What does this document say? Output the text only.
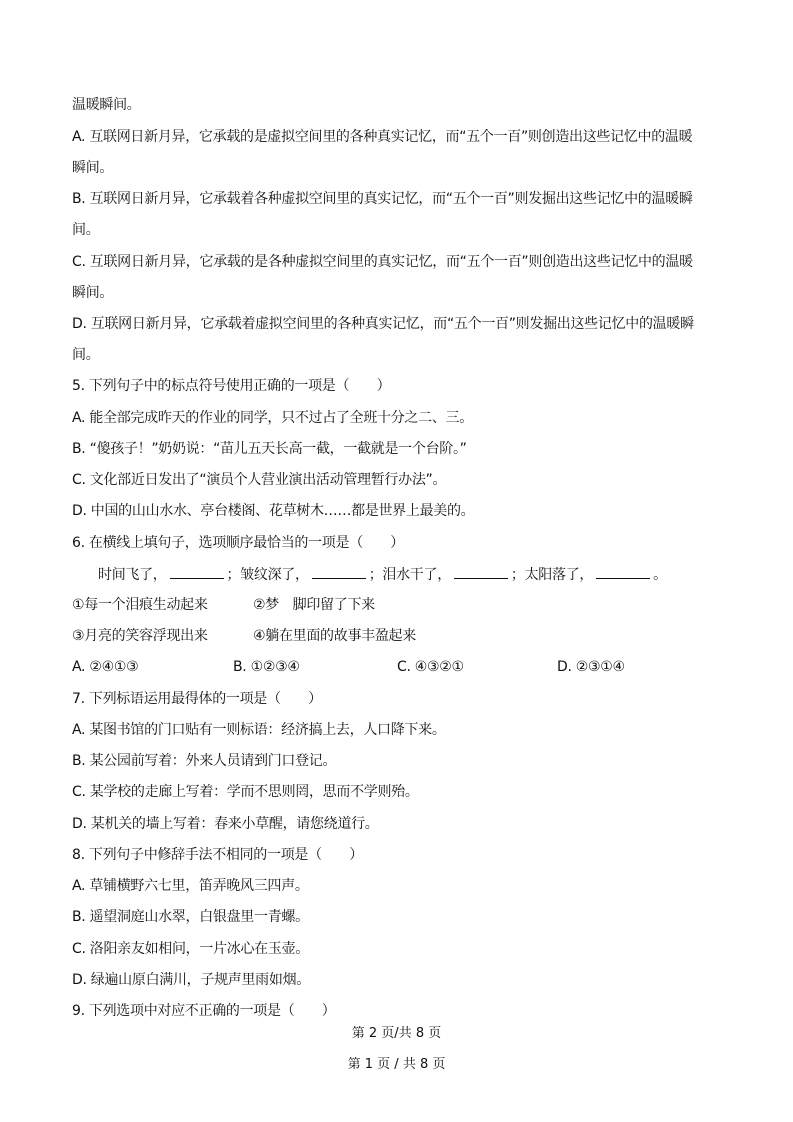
温暖瞬间。
A. 互联网日新月异，它承载的是虚拟空间里的各种真实记忆，而“五个一百”则创造出这些记忆中的温暖
瞬间。
B. 互联网日新月异，它承载着各种虚拟空间里的真实记忆，而“五个一百”则发掘出这些记忆中的温暖瞬
间。
C. 互联网日新月异，它承载的是各种虚拟空间里的真实记忆，而“五个一百”则创造出这些记忆中的温暖
瞬间。
D. 互联网日新月异，它承载着虚拟空间里的各种真实记忆，而“五个一百”则发掘出这些记忆中的温暖瞬
间。
5. 下列句子中的标点符号使用正确的一项是（　　）
A. 能全部完成昨天的作业的同学，只不过占了全班十分之二、三。
B. “傻孩子！”奶奶说：“苗儿五天长高一截，一截就是一个台阶。”
C. 文化部近日发出了“演员个人营业演出活动管理暂行办法”。
D. 中国的山山水水、亭台楼阁、花草树木……都是世界上最美的。
6. 在横线上填句子，选项顺序最恰当的一项是（　　）
时间飞了，	；皱纹深了，	；泪水干了，	；太阳落了，	。
①每一个泪痕生动起来	②梦　脚印留了下来
③月亮的笑容浮现出来	④躺在里面的故事丰盈起来
A. ②④①③	B. ①②③④	C. ④③②①	D. ②③①④
7. 下列标语运用最得体的一项是（　　）
A. 某图书馆的门口贴有一则标语：经济搞上去，人口降下来。
B. 某公园前写着：外来人员请到门口登记。
C. 某学校的走廊上写着：学而不思则罔，思而不学则殆。
D. 某机关的墙上写着：春来小草醒，请您绕道行。
8. 下列句子中修辞手法不相同的一项是（　　）
A. 草铺横野六七里，笛弄晚风三四声。
B. 遥望洞庭山水翠，白银盘里一青螺。
C. 洛阳亲友如相问，一片冰心在玉壶。
D. 绿遍山原白满川，子规声里雨如烟。
9. 下列选项中对应不正确的一项是（　　）
第 2 页/共 8 页
第 1 页 / 共 8 页
